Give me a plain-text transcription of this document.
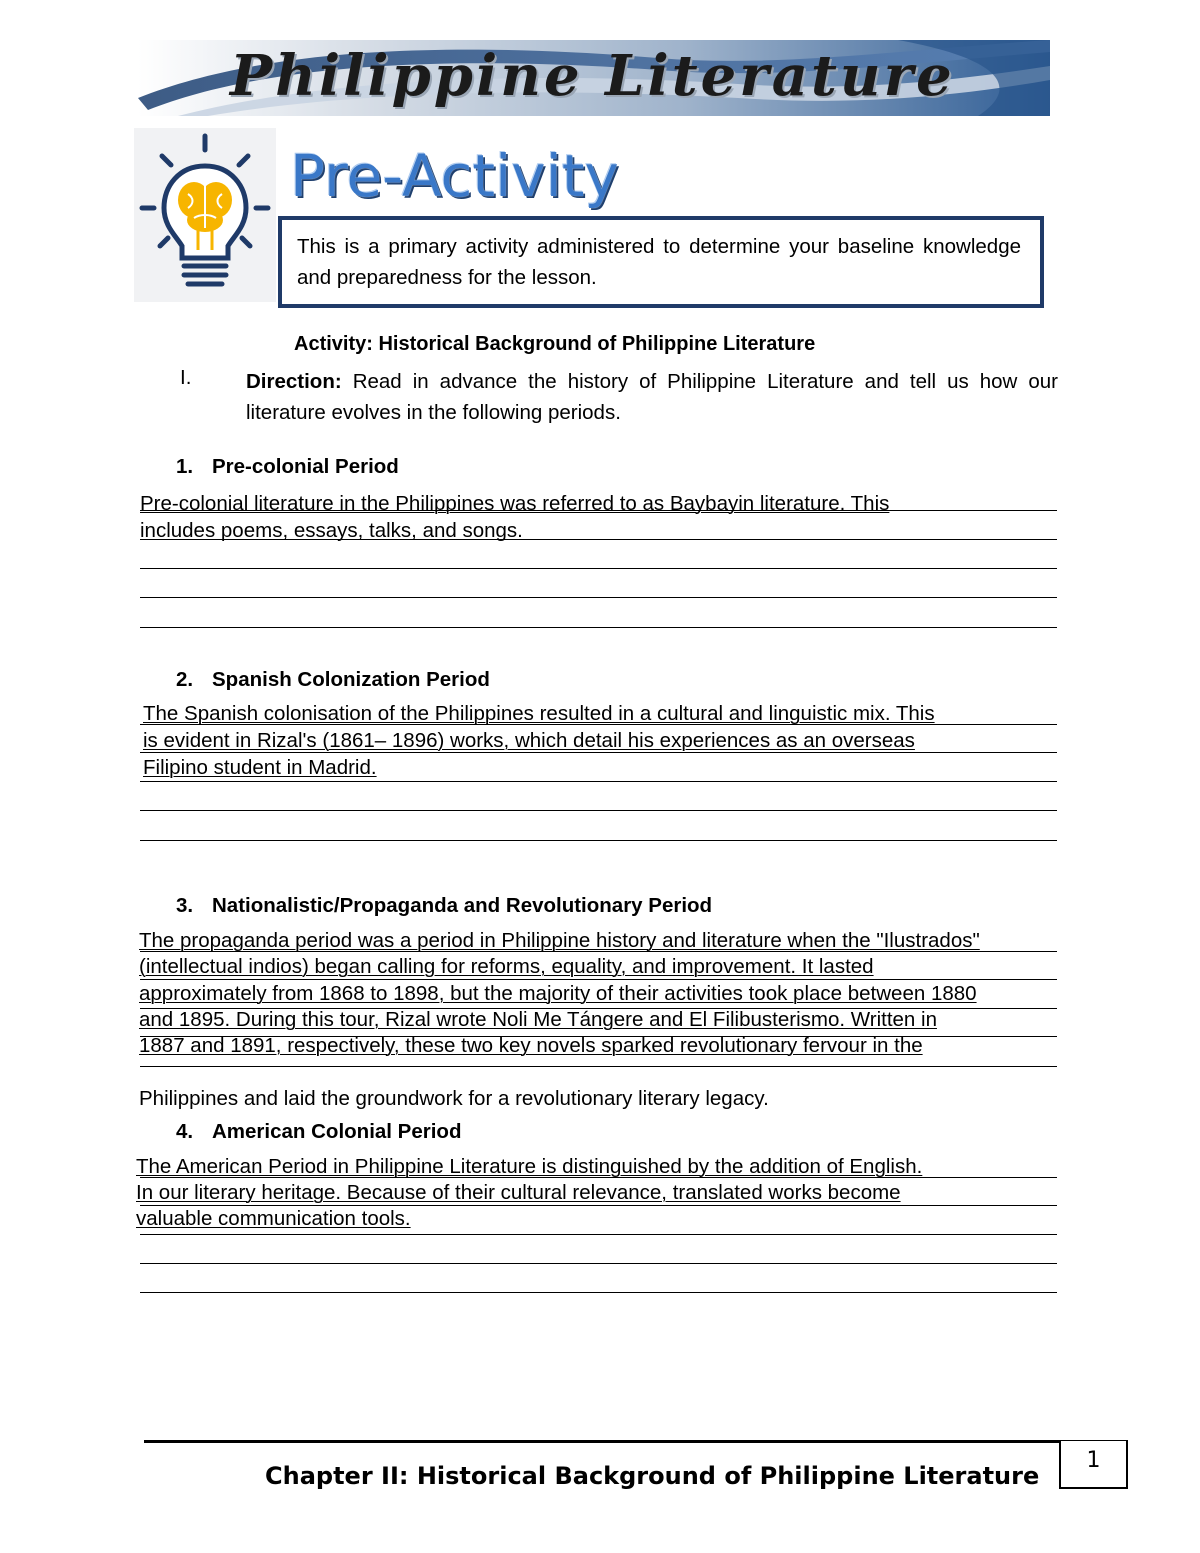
Philippine Literature
Pre-Activity
This is a primary activity administered to determine your baseline knowledge and preparedness for the lesson.
Activity: Historical Background of Philippine Literature
I.	Direction: Read in advance the history of Philippine Literature and tell us how our literature evolves in the following periods.
1. Pre-colonial Period
Pre-colonial literature in the Philippines was referred to as Baybayin literature. This
includes poems, essays, talks, and songs.
2. Spanish Colonization Period
The Spanish colonisation of the Philippines resulted in a cultural and linguistic mix. This
is evident in Rizal's (1861– 1896) works, which detail his experiences as an overseas
Filipino student in Madrid.
3. Nationalistic/Propaganda and Revolutionary Period
The propaganda period was a period in Philippine history and literature when the "Ilustrados"
(intellectual indios) began calling for reforms, equality, and improvement. It lasted
approximately from 1868 to 1898, but the majority of their activities took place between 1880
and 1895. During this tour, Rizal wrote Noli Me Tángere and El Filibusterismo. Written in
1887 and 1891, respectively, these two key novels sparked revolutionary fervour in the
Philippines and laid the groundwork for a revolutionary literary legacy.
4. American Colonial Period
The American Period in Philippine Literature is distinguished by the addition of English.
In our literary heritage. Because of their cultural relevance, translated works become
valuable communication tools.
1
Chapter II: Historical Background of Philippine Literature
